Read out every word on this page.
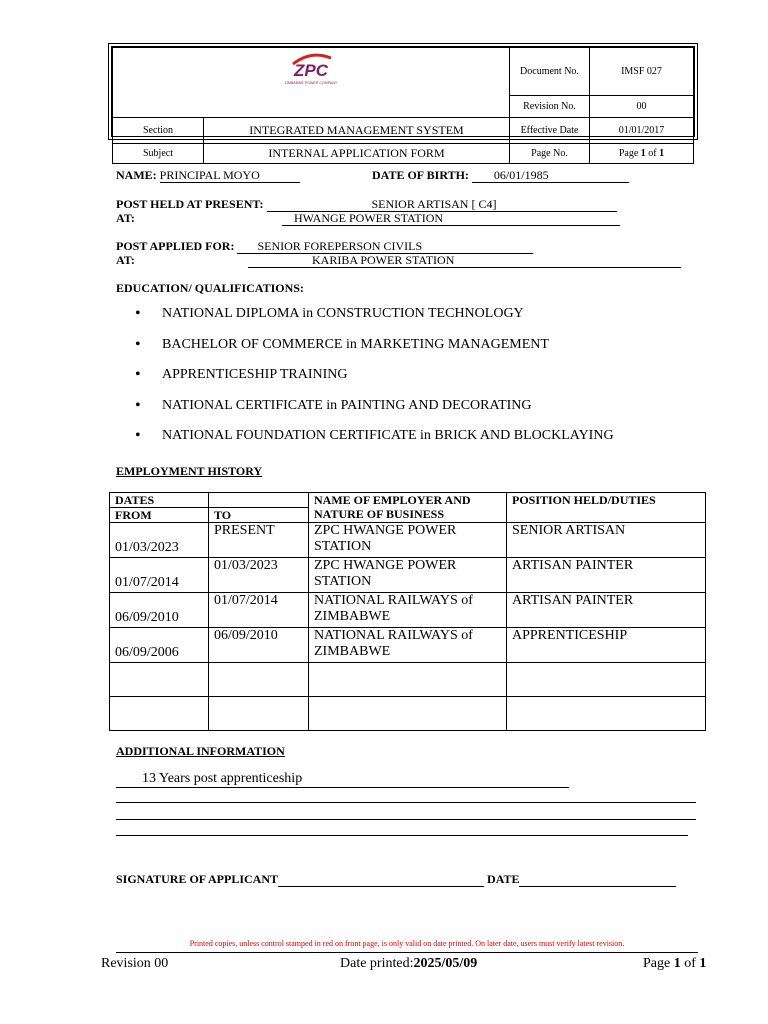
ZPC
ZIMBABWE POWER COMPANY		Document No.	IMSF 027
		Revision No.	00
Section	INTEGRATED MANAGEMENT SYSTEM	Effective Date	01/01/2017
Subject	INTERNAL APPLICATION FORM	Page No.	Page 1 of 1
NAME: PRINCIPAL MOYO	DATE OF BIRTH: 06/01/1985
POST HELD AT PRESENT:	SENIOR ARTISAN [ C4]
AT:	HWANGE POWER STATION
POST APPLIED FOR: SENIOR FOREPERSON CIVILS
AT:	KARIBA POWER STATION
EDUCATION/ QUALIFICATIONS:
• NATIONAL DIPLOMA in CONSTRUCTION TECHNOLOGY
• BACHELOR OF COMMERCE in MARKETING MANAGEMENT
• APPRENTICESHIP TRAINING
• NATIONAL CERTIFICATE in PAINTING AND DECORATING
• NATIONAL FOUNDATION CERTIFICATE in BRICK AND BLOCKLAYING
EMPLOYMENT HISTORY
DATES		NAME OF EMPLOYER AND NATURE OF BUSINESS	POSITION HELD/DUTIES
FROM	TO		
01/03/2023	PRESENT	ZPC HWANGE POWER STATION	SENIOR ARTISAN
01/07/2014	01/03/2023	ZPC HWANGE POWER STATION	ARTISAN PAINTER
06/09/2010	01/07/2014	NATIONAL RAILWAYS of ZIMBABWE	ARTISAN PAINTER
06/09/2006	06/09/2010	NATIONAL RAILWAYS of ZIMBABWE	APPRENTICESHIP

ADDITIONAL INFORMATION
13 Years post apprenticeship
SIGNATURE OF APPLICANT	DATE
Printed copies, unless control stamped in red on front page, is only valid on date printed. On later date, users must verify latest revision.
Revision 00	Date printed:2025/05/09	Page 1 of 1
